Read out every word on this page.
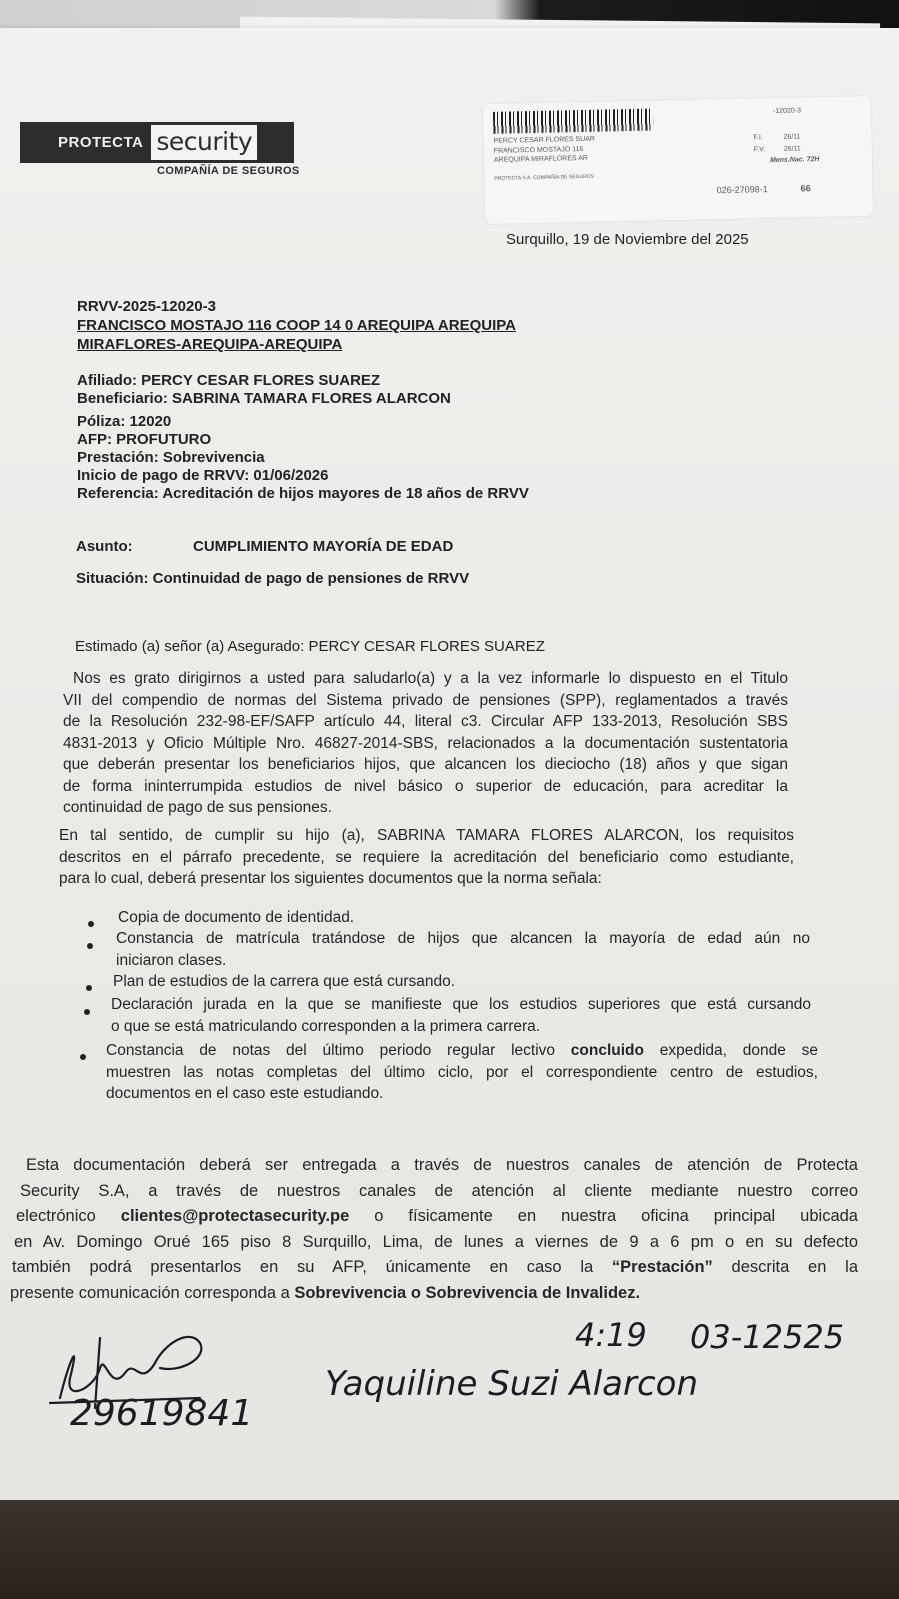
PROTECTA security
COMPAÑÍA DE SEGUROS
PERCY CESAR FLORES SUAR
FRANCISCO MOSTAJO 116
AREQUIPA MIRAFLORES AR
PROTECTA S.A. COMPAÑÍA DE SEGUROS
-12020-3
F.I.	26/11
F.V.	26/11
Mens.Nac. 72H
026-27098-1	66
Surquillo, 19 de Noviembre del 2025
RRVV-2025-12020-3
FRANCISCO MOSTAJO 116 COOP 14 0 AREQUIPA AREQUIPA
MIRAFLORES-AREQUIPA-AREQUIPA
Afiliado: PERCY CESAR FLORES SUAREZ
Beneficiario: SABRINA TAMARA FLORES ALARCON
Póliza: 12020
AFP: PROFUTURO
Prestación: Sobrevivencia
Inicio de pago de RRVV: 01/06/2026
Referencia: Acreditación de hijos mayores de 18 años de RRVV
Asunto:	CUMPLIMIENTO MAYORÍA DE EDAD
Situación: Continuidad de pago de pensiones de RRVV
Estimado (a) señor (a) Asegurado: PERCY CESAR FLORES SUAREZ
Nos es grato dirigirnos a usted para saludarlo(a) y a la vez informarle lo dispuesto en el Titulo
VII del compendio de normas del Sistema privado de pensiones (SPP), reglamentados a través
de la Resolución 232-98-EF/SAFP artículo 44, literal c3. Circular AFP 133-2013, Resolución SBS
4831-2013 y Oficio Múltiple Nro. 46827-2014-SBS, relacionados a la documentación sustentatoria
que deberán presentar los beneficiarios hijos, que alcancen los dieciocho (18) años y que sigan
de forma ininterrumpida estudios de nivel básico o superior de educación, para acreditar la
continuidad de pago de sus pensiones.
En tal sentido, de cumplir su hijo (a), SABRINA TAMARA FLORES ALARCON, los requisitos
descritos en el párrafo precedente, se requiere la acreditación del beneficiario como estudiante,
para lo cual, deberá presentar los siguientes documentos que la norma señala:
Copia de documento de identidad.
Constancia de matrícula tratándose de hijos que alcancen la mayoría de edad aún no
iniciaron clases.
Plan de estudios de la carrera que está cursando.
Declaración jurada en la que se manifieste que los estudios superiores que está cursando
o que se está matriculando corresponden a la primera carrera.
Constancia de notas del último periodo regular lectivo concluido expedida, donde se
muestren las notas completas del último ciclo, por el correspondiente centro de estudios,
documentos en el caso este estudiando.
Esta documentación deberá ser entregada a través de nuestros canales de atención de Protecta
Security S.A, a través de nuestros canales de atención al cliente mediante nuestro correo
electrónico clientes@protectasecurity.pe o físicamente en nuestra oficina principal ubicada
en Av. Domingo Orué 165 piso 8 Surquillo, Lima, de lunes a viernes de 9 a 6 pm o en su defecto
también podrá presentarlos en su AFP, únicamente en caso la “Prestación” descrita en la
presente comunicación corresponda a Sobrevivencia o Sobrevivencia de Invalidez.
29619841
Yaquiline Suzi Alarcon
4:19 03-12525
